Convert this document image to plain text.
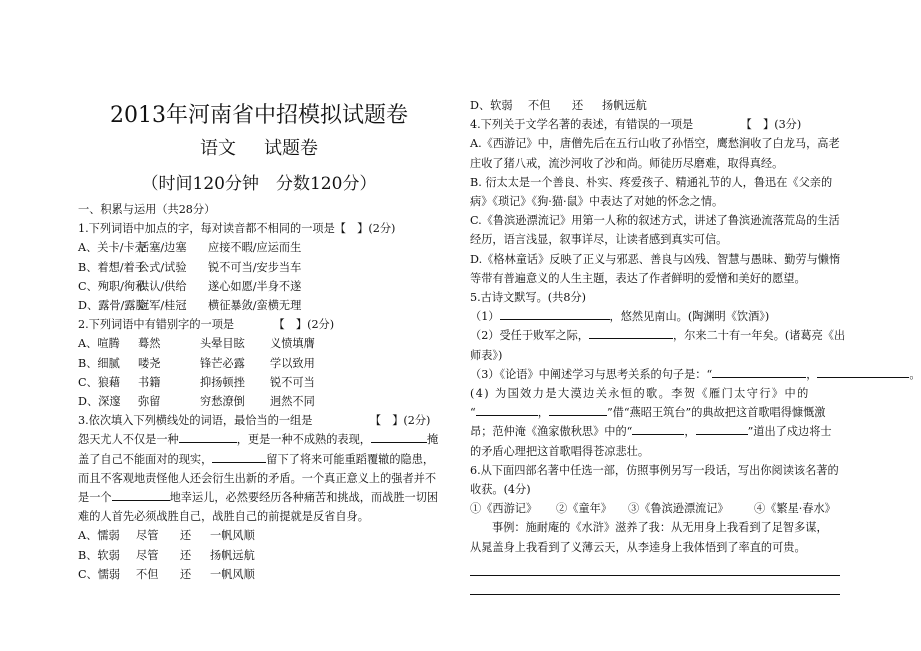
2013年河南省中招模拟试题卷
语文 试题卷
（时间120分钟　分数120分）
一、积累与运用（共28分）
1.下列词语中加点的字，每对读音都不相同的一项是【　】(2分)
A、关卡/卡壳活塞/边塞 应接不暇/应运而生
B、着想/着手公式/试验 锐不可当/安步当车
C、殉职/徇私供认/供给 遂心如愿/半身不遂
D、露骨/露脸冠军/桂冠 横征暴敛/蛮横无理
2.下列词语中有错别字的一项是	【　】(2分)
A、喧腾 蓦然	头晕目眩 义愤填膺
B、细腻 喽尧	锋芒必露 学以致用
C、狼藉 书籍	抑扬顿挫 锐不可当
D、深邃 弥留	穷愁潦倒 迥然不同
3.依次填入下列横线处的词语，最恰当的一组是	【　】(2分)
怨天尤人不仅是一种	，更是一种不成熟的表现，	掩
盖了自己不能面对的现实，	留下了将来可能重蹈覆辙的隐患，
而且不客观地责怪他人还会衍生出新的矛盾。一个真正意义上的强者并不
是一个	地幸运儿，必然要经历各种痛苦和挑战，而战胜一切困
难的人首先必须战胜自己，战胜自己的前提就是反省自身。
A、懦弱 尽管 还 一帆风顺
B、软弱 尽管 还 扬帆远航
C、懦弱 不但 还 一帆风顺
D、软弱 不但 还 扬帆远航
4.下列关于文学名著的表述，有错误的一项是	【　】(3分)
A.《西游记》中，唐僧先后在五行山收了孙悟空，鹰愁涧收了白龙马，高老庄收了猪八戒，流沙河收了沙和尚。师徒历尽磨难，取得真经。
B. 衍太太是一个善良、朴实、疼爱孩子、精通礼节的人，鲁迅在《父亲的病》《琐记》《狗·猫·鼠》中表达了对她的怀念之情。
C.《鲁滨逊漂流记》用第一人称的叙述方式，讲述了鲁滨逊流落荒岛的生活经历，语言浅显，叙事详尽，让读者感到真实可信。
D.《格林童话》反映了正义与邪恶、善良与凶残、智慧与愚昧、勤劳与懒惰等带有普遍意义的人生主题，表达了作者鲜明的爱憎和美好的愿望。
5.古诗文默写。(共8分)
（1）	，悠然见南山。(陶渊明《饮酒》)
（2）受任于败军之际，	，尔来二十有一年矣。(诸葛亮《出
师表》)
（3）《论语》中阐述学习与思考关系的句子是：“	，	。
(4) 为国效力是大漠边关永恒的歌。李贺《雁门太守行》中的
“	，	”借“燕昭王筑台”的典故把这首歌唱得慷慨激
昂；范仲淹《渔家傲秋思》中的“	，	”道出了戍边将士
的矛盾心理把这首歌唱得苍凉悲壮。
6.从下面四部名著中任选一部，仿照事例另写一段话，写出你阅读该名著的收获。(4分)
①《西游记》 ②《童年》 ③《鲁滨逊漂流记》 ④《繁星·春水》
事例：施耐庵的《水浒》滋养了我：从无用身上我看到了足智多谋，
从晁盖身上我看到了义薄云天，从李逵身上我体悟到了率直的可贵。
